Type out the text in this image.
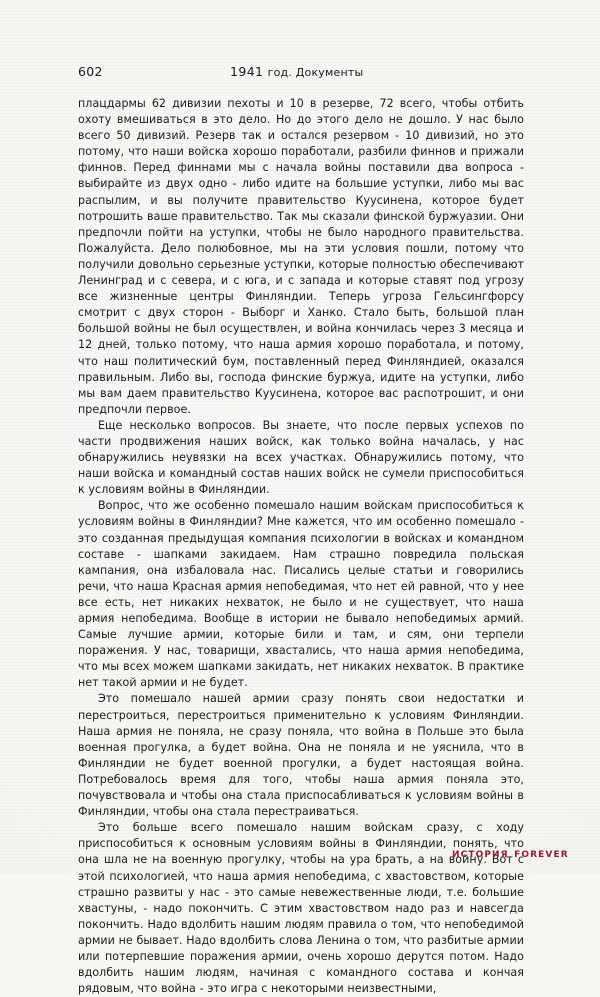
602	1941 год. Документы

плацдармы 62 дивизии пехоты и 10 в резерве, 72 всего, чтобы отбить охоту вмешиваться в это дело. Но до этого дело не дошло. У нас было всего 50 дивизий. Резерв так и остался резервом - 10 дивизий, но это потому, что наши войска хорошо поработали, разбили финнов и прижали финнов. Перед финнами мы с начала войны поставили два вопроса - выбирайте из двух одно - либо идите на большие уступки, либо мы вас распылим, и вы получите правительство Куусинена, которое будет потрошить ваше правительство. Так мы сказали финской буржуазии. Они предпочли пойти на уступки, чтобы не было народного правительства. Пожалуйста. Дело полюбовное, мы на эти условия пошли, потому что получили довольно серьезные уступки, которые полностью обеспечивают Ленинград и с севера, и с юга, и с запада и которые ставят под угрозу все жизненные центры Финляндии. Теперь угроза Гельсингфорсу смотрит с двух сторон - Выборг и Ханко. Стало быть, большой план большой войны не был осуществлен, и война кончилась через 3 месяца и 12 дней, только потому, что наша армия хорошо поработала, и потому, что наш политический бум, поставленный перед Финляндией, оказался правильным. Либо вы, господа финские буржуа, идите на уступки, либо мы вам даем правительство Куусинена, которое вас распотрошит, и они предпочли первое.

Еще несколько вопросов. Вы знаете, что после первых успехов по части продвижения наших войск, как только война началась, у нас обнаружились неувязки на всех участках. Обнаружились потому, что наши войска и командный состав наших войск не сумели приспособиться к условиям войны в Финляндии.

Вопрос, что же особенно помешало нашим войскам приспособиться к условиям войны в Финляндии? Мне кажется, что им особенно помешало - это созданная предыдущая компания психологии в войсках и командном составе - шапками закидаем. Нам страшно повредила польская кампания, она избаловала нас. Писались целые статьи и говорились речи, что наша Красная армия непобедимая, что нет ей равной, что у нее все есть, нет никаких нехваток, не было и не существует, что наша армия непобедима. Вообще в истории не бывало непобедимых армий. Самые лучшие армии, которые били и там, и сям, они терпели поражения. У нас, товарищи, хвастались, что наша армия непобедима, что мы всех можем шапками закидать, нет никаких нехваток. В практике нет такой армии и не будет.

Это помешало нашей армии сразу понять свои недостатки и перестроиться, перестроиться применительно к условиям Финляндии. Наша армия не поняла, не сразу поняла, что война в Польше это была военная прогулка, а будет война. Она не поняла и не уяснила, что в Финляндии не будет военной прогулки, а будет настоящая война. Потребовалось время для того, чтобы наша армия поняла это, почувствовала и чтобы она стала приспосабливаться к условиям войны в Финляндии, чтобы она стала перестраиваться.

Это больше всего помешало нашим войскам сразу, с ходу приспособиться к основным условиям войны в Финляндии, понять, что она шла не на военную прогулку, чтобы на ура брать, а на войну. Вот с этой психологией, что наша армия непобедима, с хвастовством, которые страшно развиты у нас - это самые невежественные люди, т.е. большие хвастуны, - надо покончить. С этим хвастовством надо раз и навсегда покончить. Надо вдолбить нашим людям правила о том, что непобедимой армии не бывает. Надо вдолбить слова Ленина о том, что разбитые армии или потерпевшие поражения армии, очень хорошо дерутся потом. Надо вдолбить нашим людям, начиная с командного состава и кончая рядовым, что война - это игра с некоторыми неизвестными,

история forever
